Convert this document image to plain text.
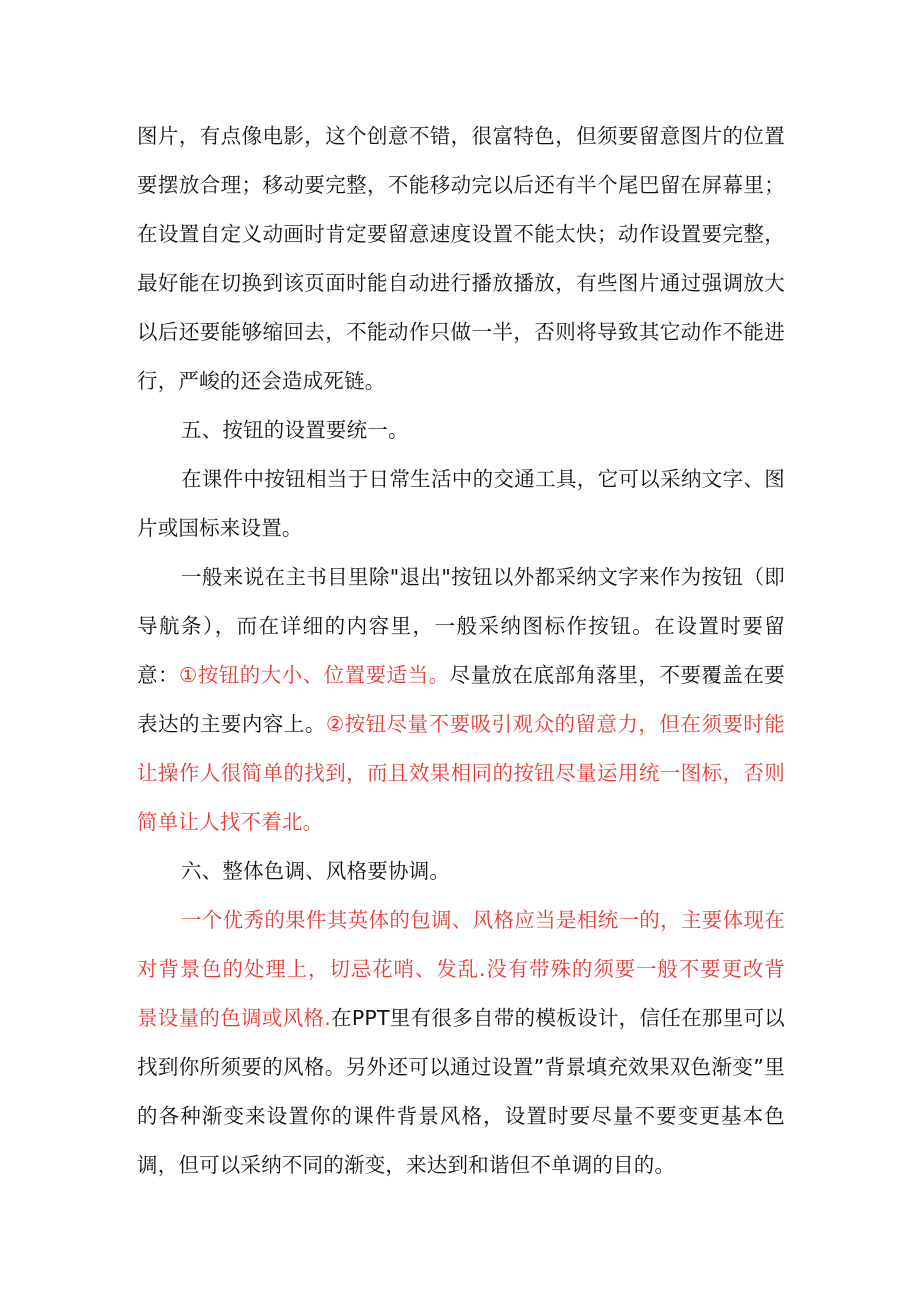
图片，有点像电影，这个创意不错，很富特色，但须要留意图片的位置要摆放合理；移动要完整，不能移动完以后还有半个尾巴留在屏幕里；在设置自定义动画时肯定要留意速度设置不能太快；动作设置要完整，最好能在切换到该页面时能自动进行播放播放，有些图片通过强调放大以后还要能够缩回去，不能动作只做一半，否则将导致其它动作不能进行，严峻的还会造成死链。

五、按钮的设置要统一。

在课件中按钮相当于日常生活中的交通工具，它可以采纳文字、图片或国标来设置。

一般来说在主书目里除"退出"按钮以外都采纳文字来作为按钮（即导航条），而在详细的内容里，一般采纳图标作按钮。在设置时要留意：①按钮的大小、位置要适当。尽量放在底部角落里，不要覆盖在要表达的主要内容上。②按钮尽量不要吸引观众的留意力，但在须要时能让操作人很简单的找到，而且效果相同的按钮尽量运用统一图标，否则简单让人找不着北。

六、整体色调、风格要协调。

一个优秀的果件其英体的包调、风格应当是相统一的，主要体现在对背景色的处理上，切忌花哨、发乱.没有带殊的须要一般不要更改背景设量的色调或风格.在PPT里有很多自带的模板设计，信任在那里可以找到你所须要的风格。另外还可以通过设置”背景填充效果双色渐变”里的各种渐变来设置你的课件背景风格，设置时要尽量不要变更基本色调，但可以采纳不同的渐变，来达到和谐但不单调的目的。
